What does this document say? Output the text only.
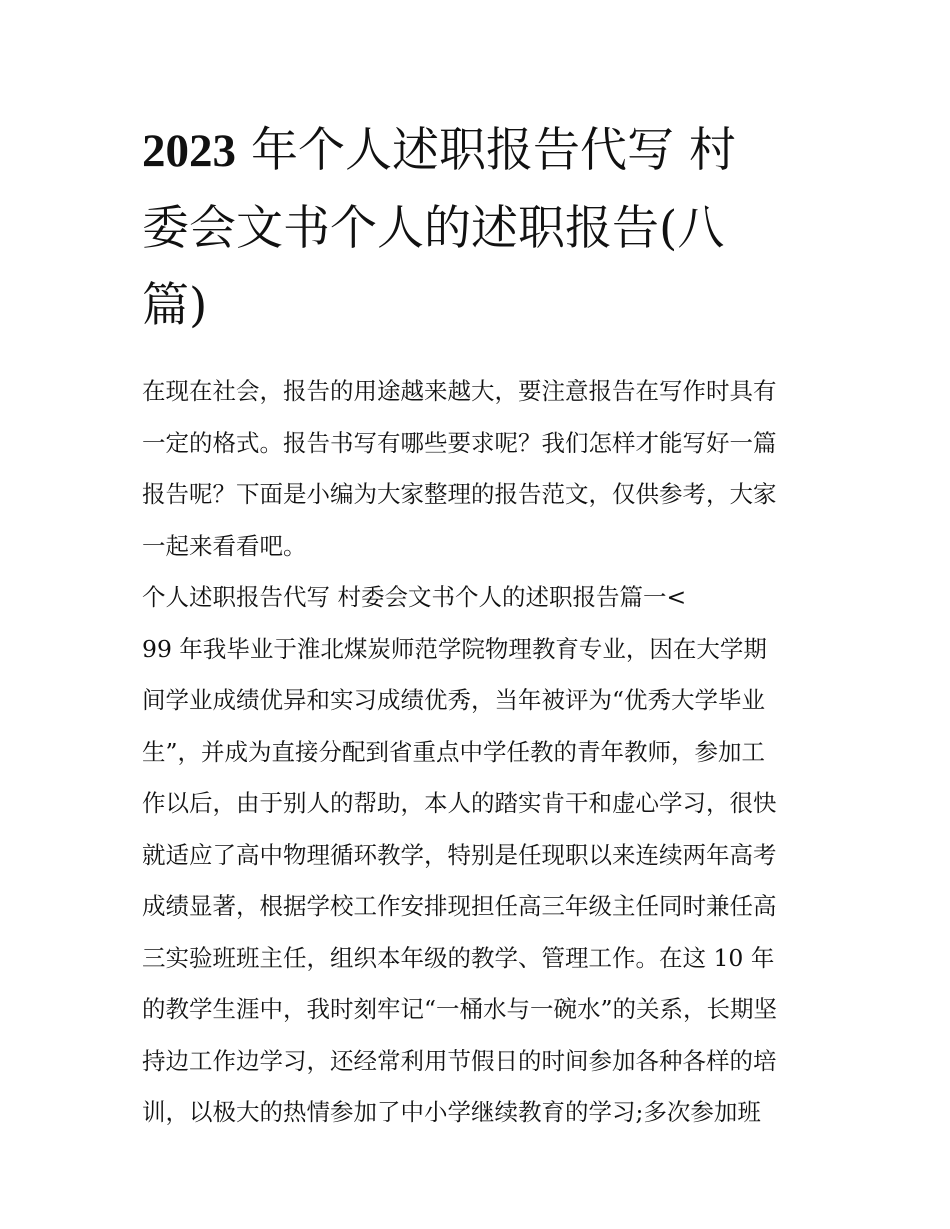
2023 年个人述职报告代写 村
委会文书个人的述职报告(八
篇)
在现在社会，报告的用途越来越大，要注意报告在写作时具有
一定的格式。报告书写有哪些要求呢？我们怎样才能写好一篇
报告呢？下面是小编为大家整理的报告范文，仅供参考，大家
一起来看看吧。
个人述职报告代写 村委会文书个人的述职报告篇一<
99 年我毕业于淮北煤炭师范学院物理教育专业，因在大学期
间学业成绩优异和实习成绩优秀，当年被评为“优秀大学毕业
生”，并成为直接分配到省重点中学任教的青年教师，参加工
作以后，由于别人的帮助，本人的踏实肯干和虚心学习，很快
就适应了高中物理循环教学，特别是任现职以来连续两年高考
成绩显著，根据学校工作安排现担任高三年级主任同时兼任高
三实验班班主任，组织本年级的教学、管理工作。在这 10 年
的教学生涯中，我时刻牢记“一桶水与一碗水”的关系，长期坚
持边工作边学习，还经常利用节假日的时间参加各种各样的培
训，以极大的热情参加了中小学继续教育的学习;多次参加班
